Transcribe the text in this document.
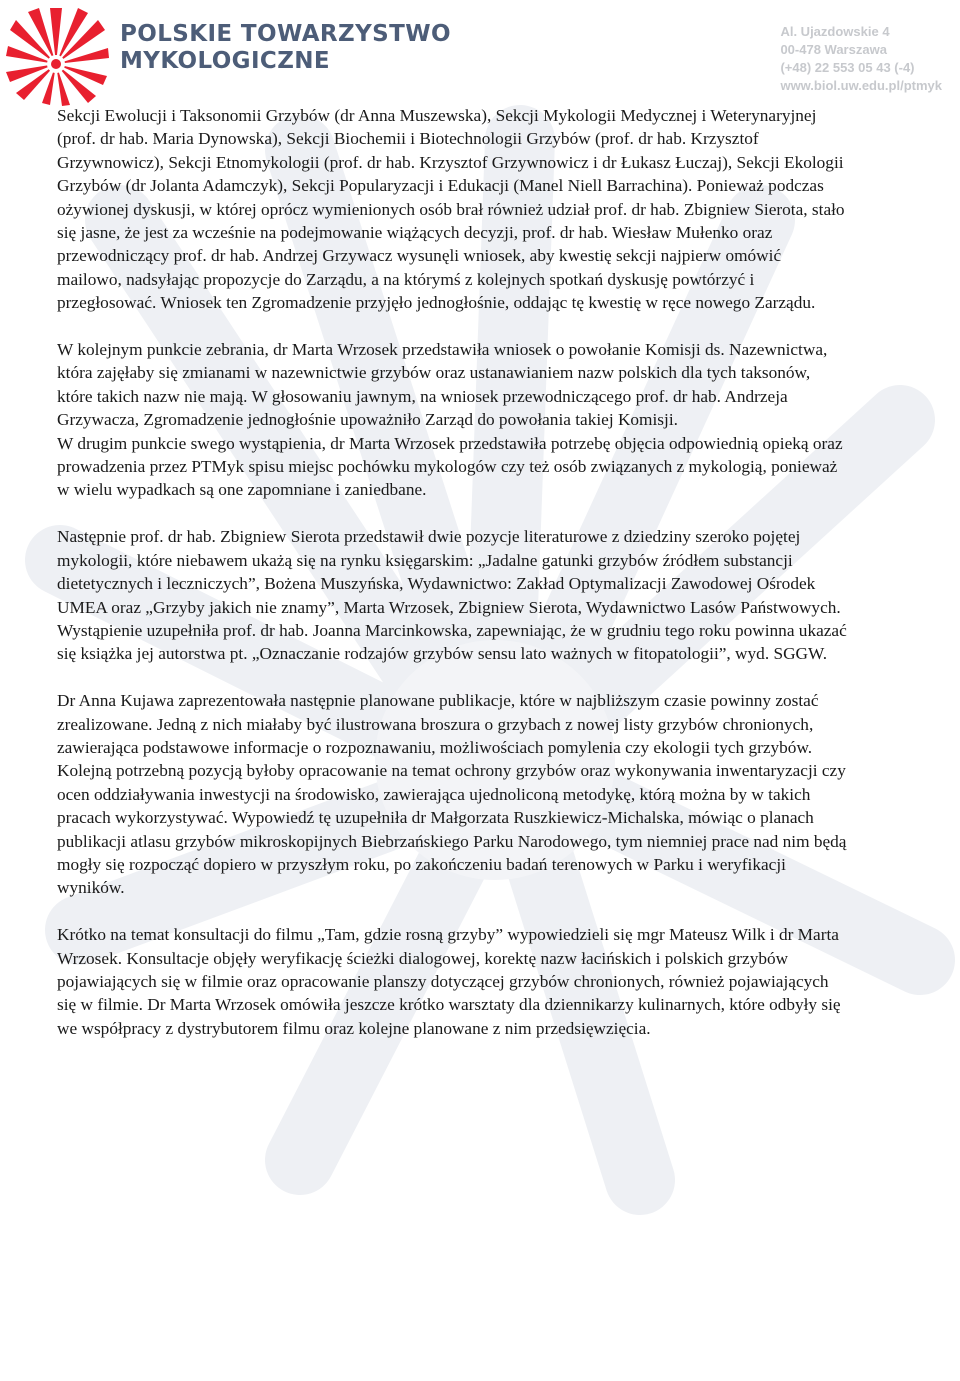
POLSKIE TOWARZYSTWO
MYKOLOGICZNE
Al. Ujazdowskie 4
00-478 Warszawa
(+48) 22 553 05 43 (-4)
www.biol.uw.edu.pl/ptmyk

Sekcji Ewolucji i Taksonomii Grzybów (dr Anna Muszewska), Sekcji Mykologii Medycznej i Weterynaryjnej (prof. dr hab. Maria Dynowska), Sekcji Biochemii i Biotechnologii Grzybów (prof. dr hab. Krzysztof Grzywnowicz), Sekcji Etnomykologii (prof. dr hab. Krzysztof Grzywnowicz i dr Łukasz Łuczaj), Sekcji Ekologii Grzybów (dr Jolanta Adamczyk), Sekcji Popularyzacji i Edukacji (Manel Niell Barrachina). Ponieważ podczas ożywionej dyskusji, w której oprócz wymienionych osób brał również udział prof. dr hab. Zbigniew Sierota, stało się jasne, że jest za wcześnie na podejmowanie wiążących decyzji, prof. dr hab. Wiesław Mułenko oraz przewodniczący prof. dr hab. Andrzej Grzywacz wysunęli wniosek, aby kwestię sekcji najpierw omówić mailowo, nadsyłając propozycje do Zarządu, a na którymś z kolejnych spotkań dyskusję powtórzyć i przegłosować. Wniosek ten Zgromadzenie przyjęło jednogłośnie, oddając tę kwestię w ręce nowego Zarządu.

W kolejnym punkcie zebrania, dr Marta Wrzosek przedstawiła wniosek o powołanie Komisji ds. Nazewnictwa, która zajęłaby się zmianami w nazewnictwie grzybów oraz ustanawianiem nazw polskich dla tych taksonów, które takich nazw nie mają. W głosowaniu jawnym, na wniosek przewodniczącego prof. dr hab. Andrzeja Grzywacza, Zgromadzenie jednogłośnie upoważniło Zarząd do powołania takiej Komisji.

W drugim punkcie swego wystąpienia, dr Marta Wrzosek przedstawiła potrzebę objęcia odpowiednią opieką oraz prowadzenia przez PTMyk spisu miejsc pochówku mykologów czy też osób związanych z mykologią, ponieważ w wielu wypadkach są one zapomniane i zaniedbane.

Następnie prof. dr hab. Zbigniew Sierota przedstawił dwie pozycje literaturowe z dziedziny szeroko pojętej mykologii, które niebawem ukażą się na rynku księgarskim: „Jadalne gatunki grzybów źródłem substancji dietetycznych i leczniczych”, Bożena Muszyńska, Wydawnictwo: Zakład Optymalizacji Zawodowej Ośrodek UMEA oraz „Grzyby jakich nie znamy”, Marta Wrzosek, Zbigniew Sierota, Wydawnictwo Lasów Państwowych. Wystąpienie uzupełniła prof. dr hab. Joanna Marcinkowska, zapewniając, że w grudniu tego roku powinna ukazać się książka jej autorstwa pt. „Oznaczanie rodzajów grzybów sensu lato ważnych w fitopatologii”, wyd. SGGW.

Dr Anna Kujawa zaprezentowała następnie planowane publikacje, które w najbliższym czasie powinny zostać zrealizowane. Jedną z nich miałaby być ilustrowana broszura o grzybach z nowej listy grzybów chronionych, zawierająca podstawowe informacje o rozpoznawaniu, możliwościach pomylenia czy ekologii tych grzybów. Kolejną potrzebną pozycją byłoby opracowanie na temat ochrony grzybów oraz wykonywania inwentaryzacji czy ocen oddziaływania inwestycji na środowisko, zawierająca ujednoliconą metodykę, którą można by w takich pracach wykorzystywać. Wypowiedź tę uzupełniła dr Małgorzata Ruszkiewicz-Michalska, mówiąc o planach publikacji atlasu grzybów mikroskopijnych Biebrzańskiego Parku Narodowego, tym niemniej prace nad nim będą mogły się rozpocząć dopiero w przyszłym roku, po zakończeniu badań terenowych w Parku i weryfikacji wyników.

Krótko na temat konsultacji do filmu „Tam, gdzie rosną grzyby” wypowiedzieli się mgr Mateusz Wilk i dr Marta Wrzosek. Konsultacje objęły weryfikację ścieżki dialogowej, korektę nazw łacińskich i polskich grzybów pojawiających się w filmie oraz opracowanie planszy dotyczącej grzybów chronionych, również pojawiających się w filmie. Dr Marta Wrzosek omówiła jeszcze krótko warsztaty dla dziennikarzy kulinarnych, które odbyły się we współpracy z dystrybutorem filmu oraz kolejne planowane z nim przedsięwzięcia.
